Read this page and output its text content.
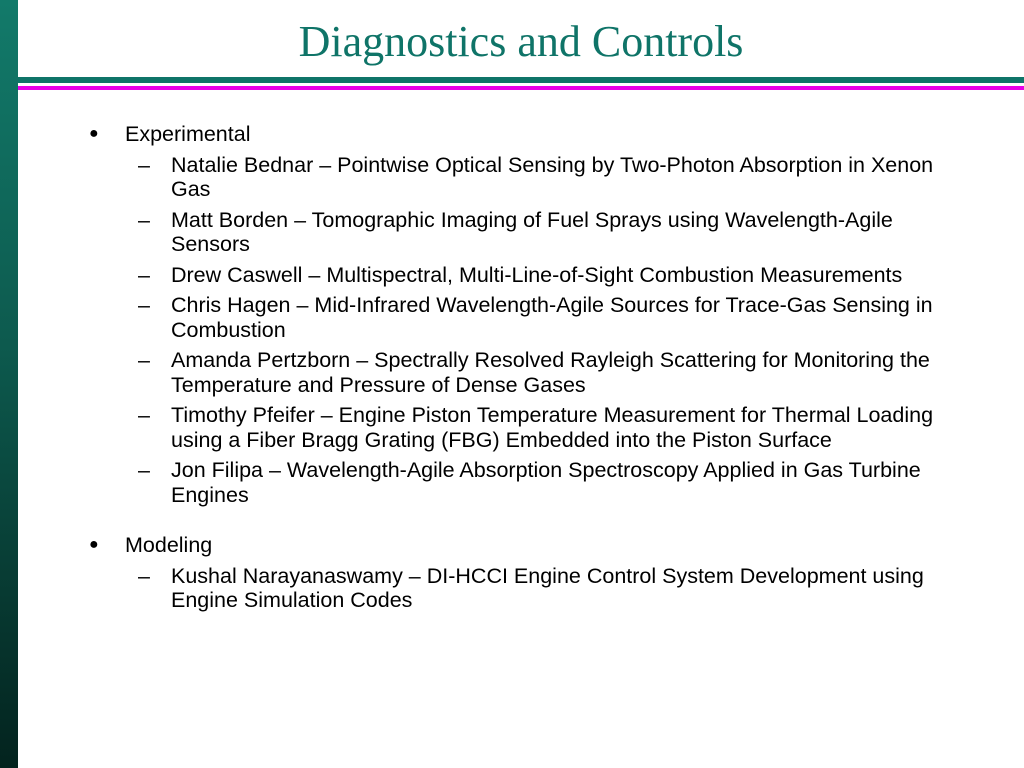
Diagnostics and Controls
● Experimental
– Natalie Bednar – Pointwise Optical Sensing by Two-Photon Absorption in Xenon Gas
– Matt Borden – Tomographic Imaging of Fuel Sprays using Wavelength-Agile Sensors
– Drew Caswell – Multispectral, Multi-Line-of-Sight Combustion Measurements
– Chris Hagen – Mid-Infrared Wavelength-Agile Sources for Trace-Gas Sensing in Combustion
– Amanda Pertzborn – Spectrally Resolved Rayleigh Scattering for Monitoring the Temperature and Pressure of Dense Gases
– Timothy Pfeifer – Engine Piston Temperature Measurement for Thermal Loading using a Fiber Bragg Grating (FBG) Embedded into the Piston Surface
– Jon Filipa – Wavelength-Agile Absorption Spectroscopy Applied in Gas Turbine Engines
● Modeling
– Kushal Narayanaswamy – DI-HCCI Engine Control System Development using Engine Simulation Codes
